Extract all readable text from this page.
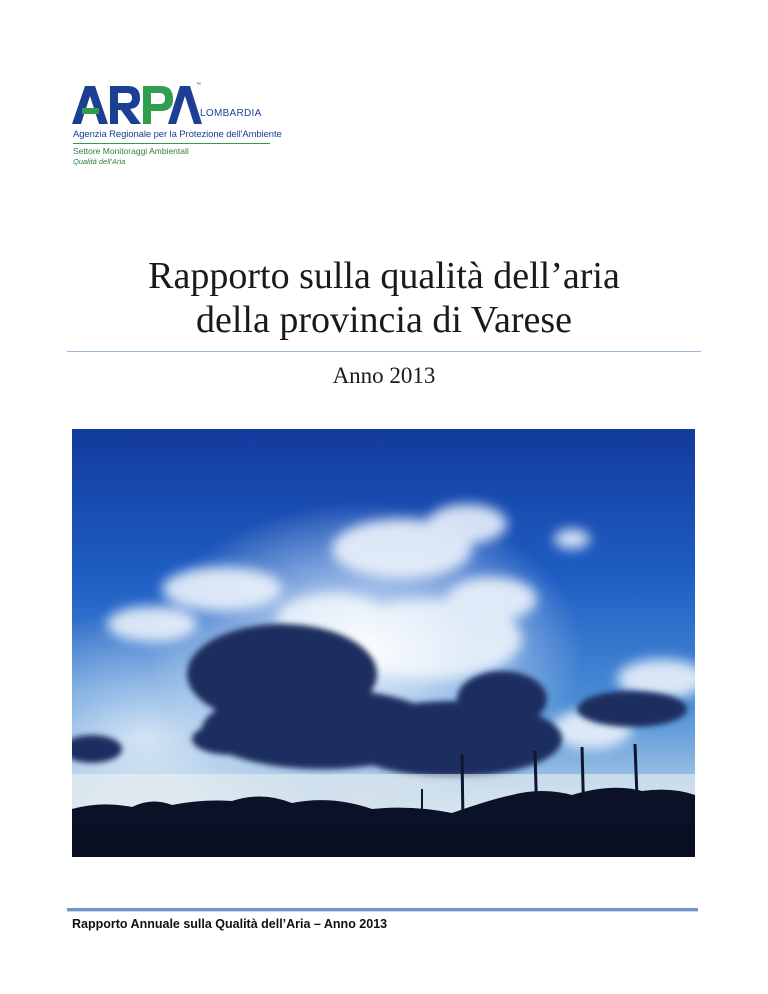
™
LOMBARDIA
Agenzia Regionale per la Protezione dell'Ambiente
Settore Monitoraggi Ambientali
Qualità dell'Aria
Rapporto sulla qualità dell’aria
della provincia di Varese
Anno 2013
Rapporto Annuale sulla Qualità dell’Aria – Anno 2013
